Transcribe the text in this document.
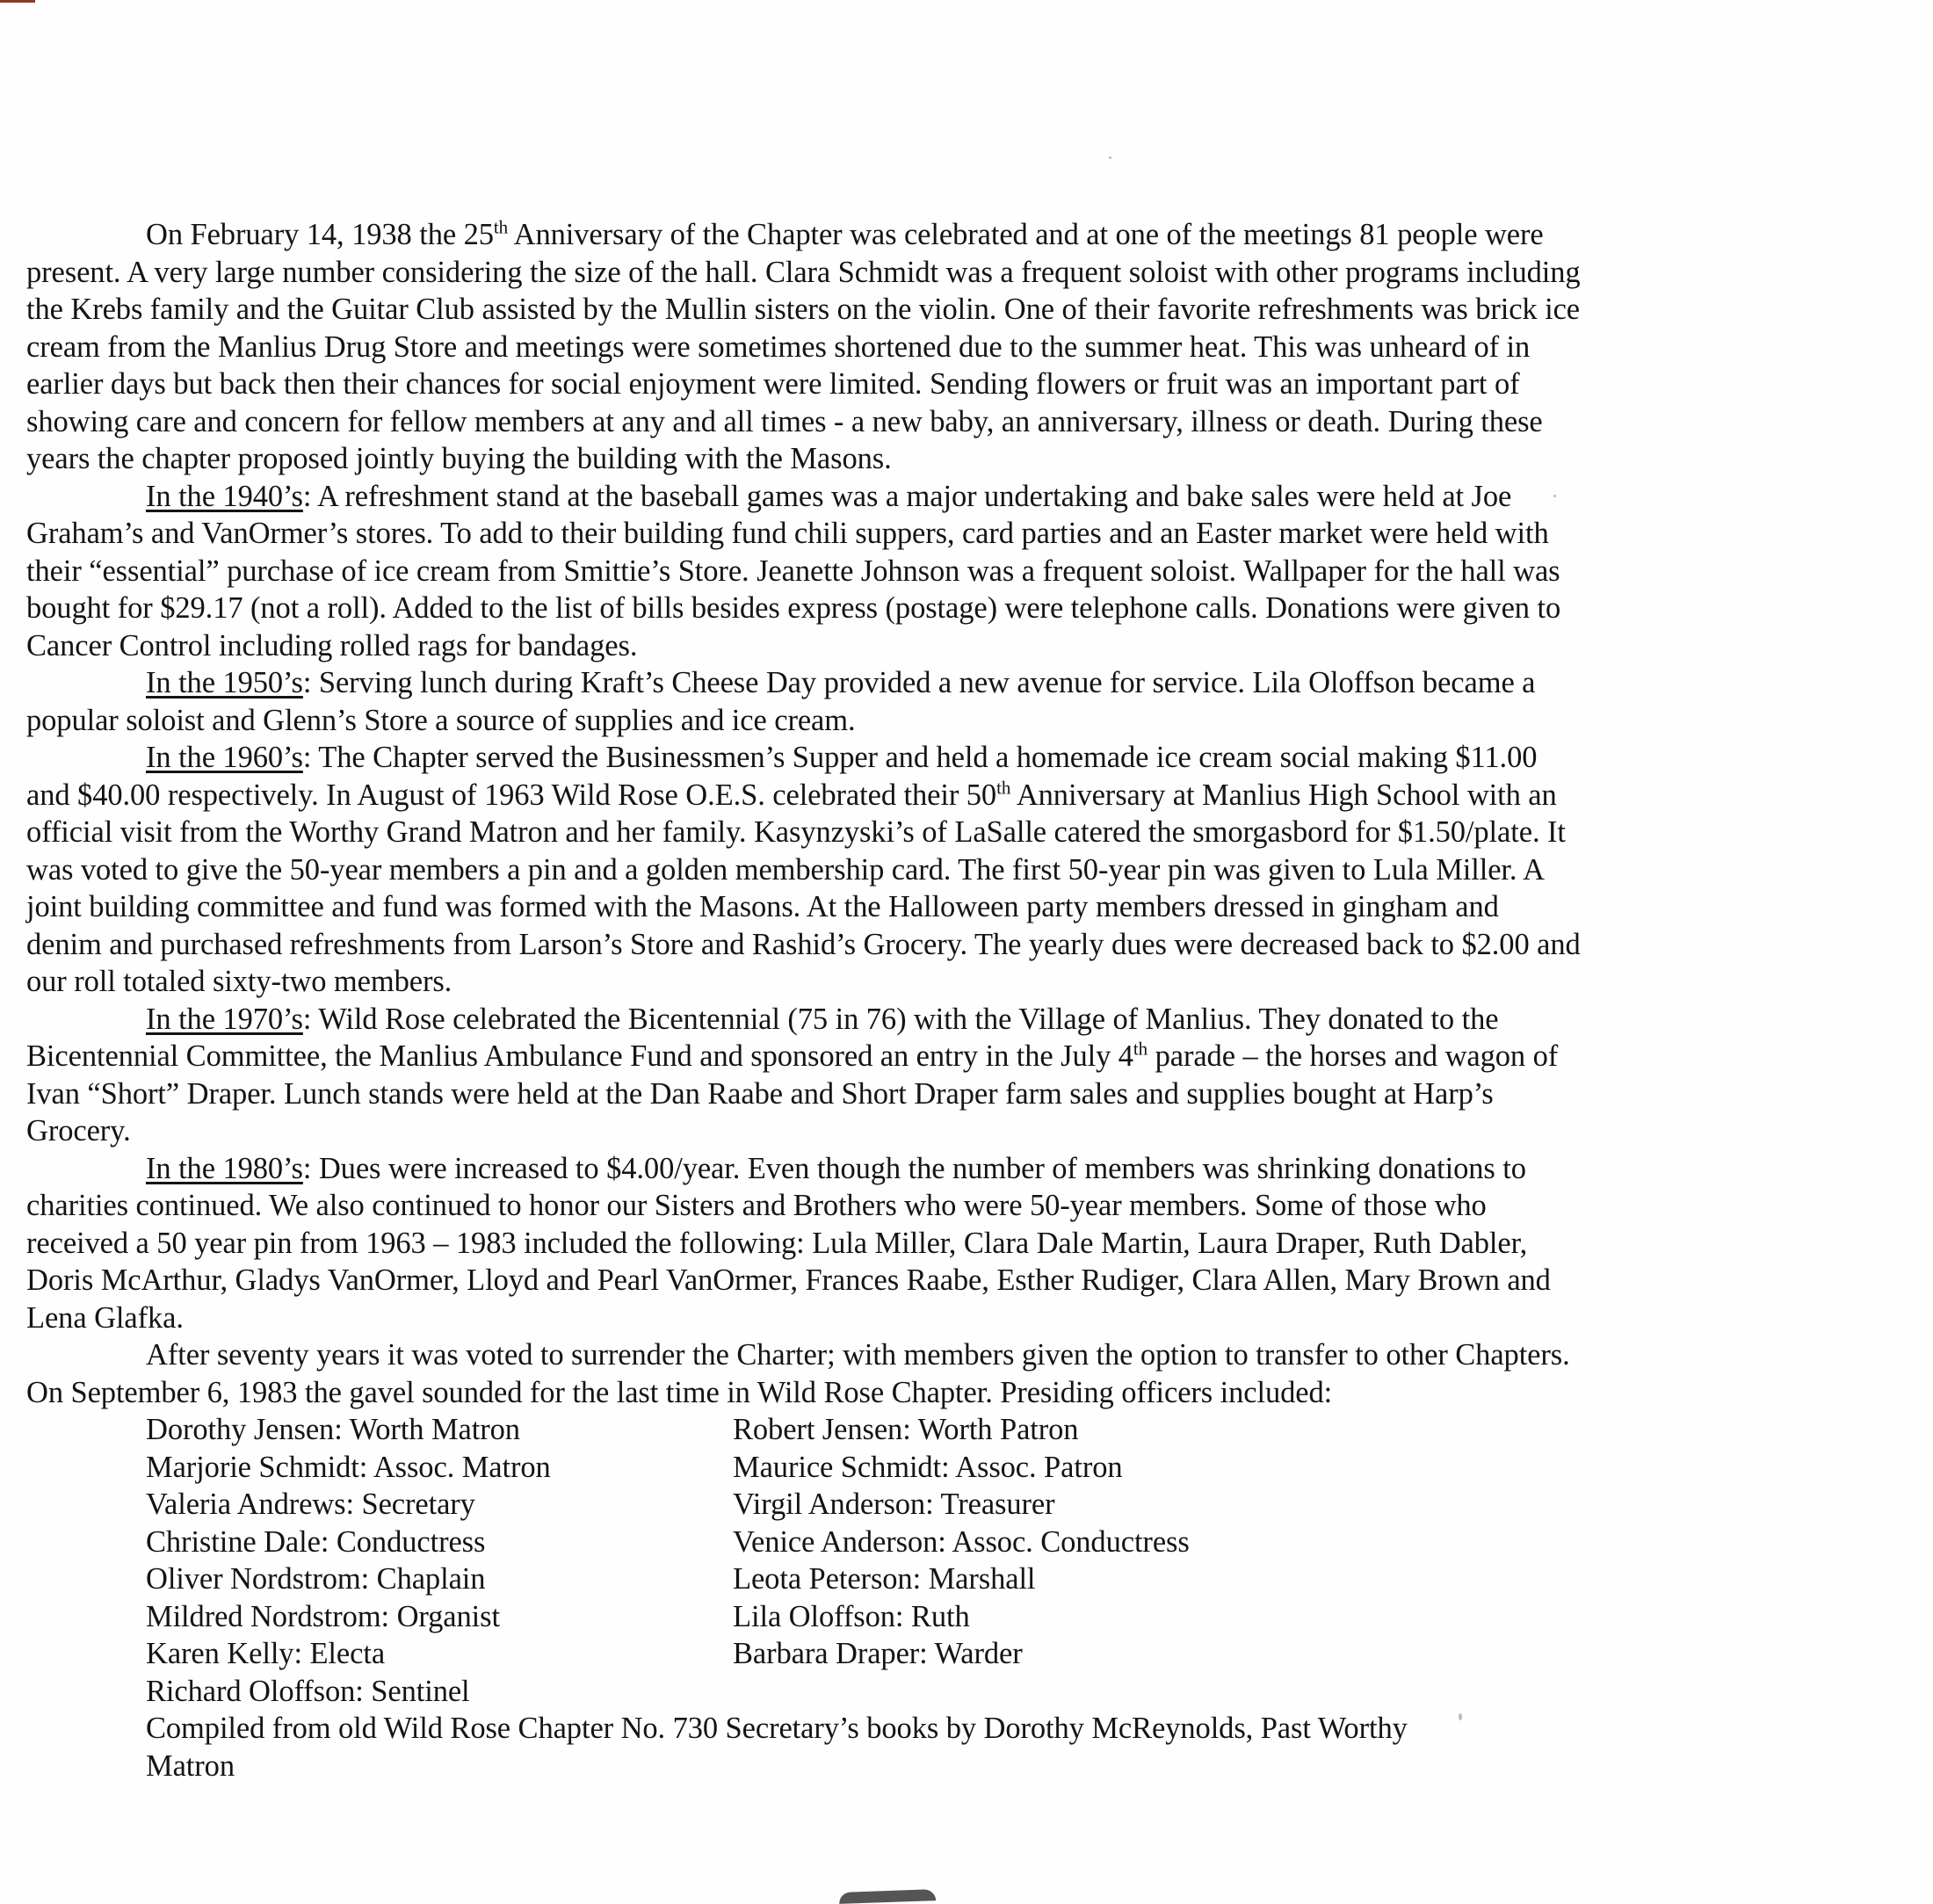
On February 14, 1938 the 25th Anniversary of the Chapter was celebrated and at one of the meetings 81 people were present. A very large number considering the size of the hall. Clara Schmidt was a frequent soloist with other programs including the Krebs family and the Guitar Club assisted by the Mullin sisters on the violin. One of their favorite refreshments was brick ice cream from the Manlius Drug Store and meetings were sometimes shortened due to the summer heat. This was unheard of in earlier days but back then their chances for social enjoyment were limited. Sending flowers or fruit was an important part of showing care and concern for fellow members at any and all times - a new baby, an anniversary, illness or death. During these years the chapter proposed jointly buying the building with the Masons.

In the 1940’s: A refreshment stand at the baseball games was a major undertaking and bake sales were held at Joe Graham’s and VanOrmer’s stores. To add to their building fund chili suppers, card parties and an Easter market were held with their “essential” purchase of ice cream from Smittie’s Store. Jeanette Johnson was a frequent soloist. Wallpaper for the hall was bought for $29.17 (not a roll). Added to the list of bills besides express (postage) were telephone calls. Donations were given to Cancer Control including rolled rags for bandages.

In the 1950’s: Serving lunch during Kraft’s Cheese Day provided a new avenue for service. Lila Oloffson became a popular soloist and Glenn’s Store a source of supplies and ice cream.

In the 1960’s: The Chapter served the Businessmen’s Supper and held a homemade ice cream social making $11.00 and $40.00 respectively. In August of 1963 Wild Rose O.E.S. celebrated their 50th Anniversary at Manlius High School with an official visit from the Worthy Grand Matron and her family. Kasynzyski’s of LaSalle catered the smorgasbord for $1.50/plate. It was voted to give the 50-year members a pin and a golden membership card. The first 50-year pin was given to Lula Miller. A joint building committee and fund was formed with the Masons. At the Halloween party members dressed in gingham and denim and purchased refreshments from Larson’s Store and Rashid’s Grocery. The yearly dues were decreased back to $2.00 and our roll totaled sixty-two members.

In the 1970’s: Wild Rose celebrated the Bicentennial (75 in 76) with the Village of Manlius. They donated to the Bicentennial Committee, the Manlius Ambulance Fund and sponsored an entry in the July 4th parade – the horses and wagon of Ivan “Short” Draper. Lunch stands were held at the Dan Raabe and Short Draper farm sales and supplies bought at Harp’s Grocery.

In the 1980’s: Dues were increased to $4.00/year. Even though the number of members was shrinking donations to charities continued. We also continued to honor our Sisters and Brothers who were 50-year members. Some of those who received a 50 year pin from 1963 – 1983 included the following: Lula Miller, Clara Dale Martin, Laura Draper, Ruth Dabler, Doris McArthur, Gladys VanOrmer, Lloyd and Pearl VanOrmer, Frances Raabe, Esther Rudiger, Clara Allen, Mary Brown and Lena Glafka.

After seventy years it was voted to surrender the Charter; with members given the option to transfer to other Chapters. On September 6, 1983 the gavel sounded for the last time in Wild Rose Chapter. Presiding officers included:

Dorothy Jensen: Worth Matron	Robert Jensen: Worth Patron
Marjorie Schmidt: Assoc. Matron	Maurice Schmidt: Assoc. Patron
Valeria Andrews: Secretary	Virgil Anderson: Treasurer
Christine Dale: Conductress	Venice Anderson: Assoc. Conductress
Oliver Nordstrom: Chaplain	Leota Peterson: Marshall
Mildred Nordstrom: Organist	Lila Oloffson: Ruth
Karen Kelly: Electa	Barbara Draper: Warder
Richard Oloffson: Sentinel

Compiled from old Wild Rose Chapter No. 730 Secretary’s books by Dorothy McReynolds, Past Worthy

Matron
